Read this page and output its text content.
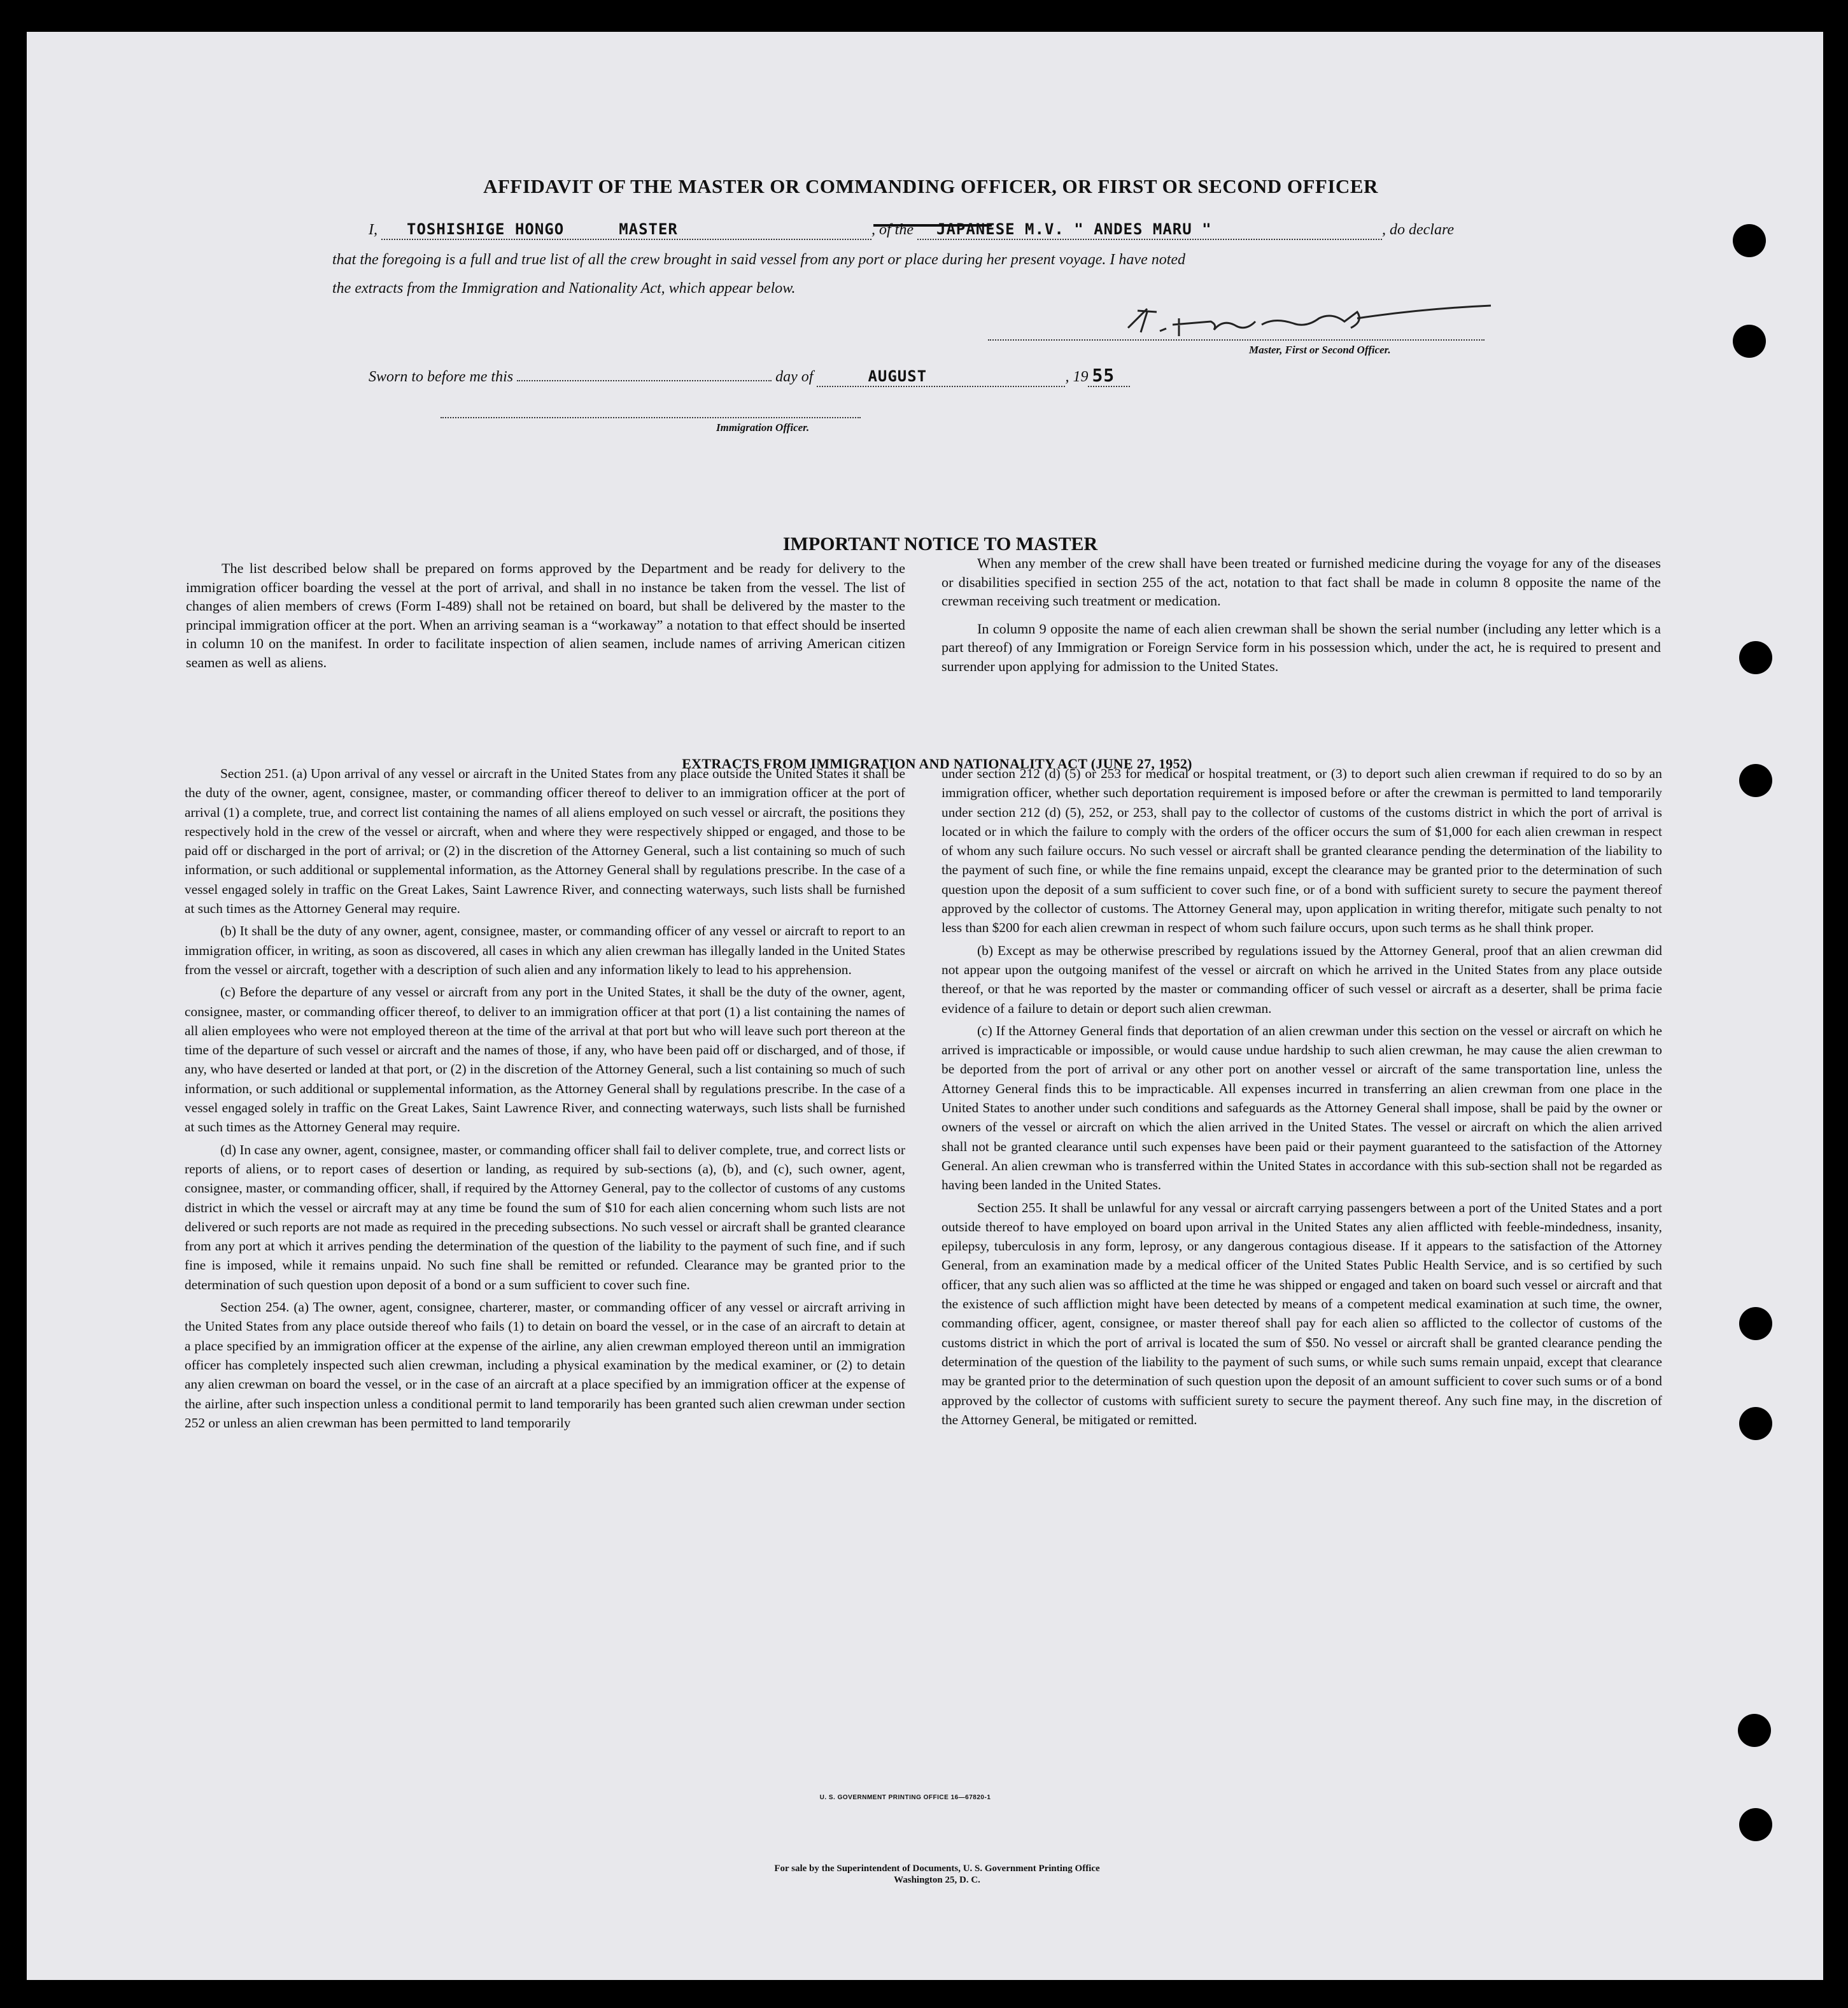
AFFIDAVIT OF THE MASTER OR COMMANDING OFFICER, OR FIRST OR SECOND OFFICER
I, TOSHISHIGE HONGO	MASTER	, of the JAPANESE M.V. " ANDES MARU "	, do declare
that the foregoing is a full and true list of all the crew brought in said vessel from any port or place during her present voyage. I have noted
the extracts from the Immigration and Nationality Act, which appear below.
Master, First or Second Officer.
Sworn to before me this	day of	AUGUST	, 19 55
Immigration Officer.
IMPORTANT NOTICE TO MASTER

The list described below shall be prepared on forms approved by the Department and be ready for delivery to the immigration officer boarding the vessel at the port of arrival, and shall in no instance be taken from the vessel. The list of changes of alien members of crews (Form I-489) shall not be retained on board, but shall be delivered by the master to the principal immigration officer at the port. When an arriving seaman is a “workaway” a notation to that effect should be inserted in column 10 on the manifest. In order to facilitate inspection of alien seamen, include names of arriving American citizen seamen as well as aliens.

When any member of the crew shall have been treated or furnished medicine during the voyage for any of the diseases or disabilities specified in section 255 of the act, notation to that fact shall be made in column 8 opposite the name of the crewman receiving such treatment or medication.

In column 9 opposite the name of each alien crewman shall be shown the serial number (including any letter which is a part thereof) of any Immigration or Foreign Service form in his possession which, under the act, he is required to present and surrender upon applying for admission to the United States.

EXTRACTS FROM IMMIGRATION AND NATIONALITY ACT (JUNE 27, 1952)

Section 251. (a) Upon arrival of any vessel or aircraft in the United States from any place outside the United States it shall be the duty of the owner, agent, consignee, master, or commanding officer thereof to deliver to an immigration officer at the port of arrival (1) a complete, true, and correct list containing the names of all aliens employed on such vessel or aircraft, the positions they respectively hold in the crew of the vessel or aircraft, when and where they were respectively shipped or engaged, and those to be paid off or discharged in the port of arrival; or (2) in the discretion of the Attorney General, such a list containing so much of such information, or such additional or supplemental information, as the Attorney General shall by regulations prescribe. In the case of a vessel engaged solely in traffic on the Great Lakes, Saint Lawrence River, and connecting waterways, such lists shall be furnished at such times as the Attorney General may require.

(b) It shall be the duty of any owner, agent, consignee, master, or commanding officer of any vessel or aircraft to report to an immigration officer, in writing, as soon as discovered, all cases in which any alien crewman has illegally landed in the United States from the vessel or aircraft, together with a description of such alien and any information likely to lead to his apprehension.

(c) Before the departure of any vessel or aircraft from any port in the United States, it shall be the duty of the owner, agent, consignee, master, or commanding officer thereof, to deliver to an immigration officer at that port (1) a list containing the names of all alien employees who were not employed thereon at the time of the arrival at that port but who will leave such port thereon at the time of the departure of such vessel or aircraft and the names of those, if any, who have been paid off or discharged, and of those, if any, who have deserted or landed at that port, or (2) in the discretion of the Attorney General, such a list containing so much of such information, or such additional or supplemental information, as the Attorney General shall by regulations prescribe. In the case of a vessel engaged solely in traffic on the Great Lakes, Saint Lawrence River, and connecting waterways, such lists shall be furnished at such times as the Attorney General may require.

(d) In case any owner, agent, consignee, master, or commanding officer shall fail to deliver complete, true, and correct lists or reports of aliens, or to report cases of desertion or landing, as required by sub-sections (a), (b), and (c), such owner, agent, consignee, master, or commanding officer, shall, if required by the Attorney General, pay to the collector of customs of any customs district in which the vessel or aircraft may at any time be found the sum of $10 for each alien concerning whom such lists are not delivered or such reports are not made as required in the preceding subsections. No such vessel or aircraft shall be granted clearance from any port at which it arrives pending the determination of the question of the liability to the payment of such fine, and if such fine is imposed, while it remains unpaid. No such fine shall be remitted or refunded. Clearance may be granted prior to the determination of such question upon deposit of a bond or a sum sufficient to cover such fine.

Section 254. (a) The owner, agent, consignee, charterer, master, or commanding officer of any vessel or aircraft arriving in the United States from any place outside thereof who fails (1) to detain on board the vessel, or in the case of an aircraft to detain at a place specified by an immigration officer at the expense of the airline, any alien crewman employed thereon until an immigration officer has completely inspected such alien crewman, including a physical examination by the medical examiner, or (2) to detain any alien crewman on board the vessel, or in the case of an aircraft at a place specified by an immigration officer at the expense of the airline, after such inspection unless a conditional permit to land temporarily has been granted such alien crewman under section 252 or unless an alien crewman has been permitted to land temporarily

under section 212 (d) (5) or 253 for medical or hospital treatment, or (3) to deport such alien crewman if required to do so by an immigration officer, whether such deportation requirement is imposed before or after the crewman is permitted to land temporarily under section 212 (d) (5), 252, or 253, shall pay to the collector of customs of the customs district in which the port of arrival is located or in which the failure to comply with the orders of the officer occurs the sum of $1,000 for each alien crewman in respect of whom any such failure occurs. No such vessel or aircraft shall be granted clearance pending the determination of the liability to the payment of such fine, or while the fine remains unpaid, except the clearance may be granted prior to the determination of such question upon the deposit of a sum sufficient to cover such fine, or of a bond with sufficient surety to secure the payment thereof approved by the collector of customs. The Attorney General may, upon application in writing therefor, mitigate such penalty to not less than $200 for each alien crewman in respect of whom such failure occurs, upon such terms as he shall think proper.

(b) Except as may be otherwise prescribed by regulations issued by the Attorney General, proof that an alien crewman did not appear upon the outgoing manifest of the vessel or aircraft on which he arrived in the United States from any place outside thereof, or that he was reported by the master or commanding officer of such vessel or aircraft as a deserter, shall be prima facie evidence of a failure to detain or deport such alien crewman.

(c) If the Attorney General finds that deportation of an alien crewman under this section on the vessel or aircraft on which he arrived is impracticable or impossible, or would cause undue hardship to such alien crewman, he may cause the alien crewman to be deported from the port of arrival or any other port on another vessel or aircraft of the same transportation line, unless the Attorney General finds this to be impracticable. All expenses incurred in transferring an alien crewman from one place in the United States to another under such conditions and safeguards as the Attorney General shall impose, shall be paid by the owner or owners of the vessel or aircraft on which the alien arrived in the United States. The vessel or aircraft on which the alien arrived shall not be granted clearance until such expenses have been paid or their payment guaranteed to the satisfaction of the Attorney General. An alien crewman who is transferred within the United States in accordance with this sub-section shall not be regarded as having been landed in the United States.

Section 255. It shall be unlawful for any vessal or aircraft carrying passengers between a port of the United States and a port outside thereof to have employed on board upon arrival in the United States any alien afflicted with feeble-mindedness, insanity, epilepsy, tuberculosis in any form, leprosy, or any dangerous contagious disease. If it appears to the satisfaction of the Attorney General, from an examination made by a medical officer of the United States Public Health Service, and is so certified by such officer, that any such alien was so afflicted at the time he was shipped or engaged and taken on board such vessel or aircraft and that the existence of such affliction might have been detected by means of a competent medical examination at such time, the owner, commanding officer, agent, consignee, or master thereof shall pay for each alien so afflicted to the collector of customs of the customs district in which the port of arrival is located the sum of $50. No vessel or aircraft shall be granted clearance pending the determination of the question of the liability to the payment of such sums, or while such sums remain unpaid, except that clearance may be granted prior to the determination of such question upon the deposit of an amount sufficient to cover such sums or of a bond approved by the collector of customs with sufficient surety to secure the payment thereof. Any such fine may, in the discretion of the Attorney General, be mitigated or remitted.

U. S. GOVERNMENT PRINTING OFFICE 16—67820-1
For sale by the Superintendent of Documents, U. S. Government Printing Office
Washington 25, D. C.
